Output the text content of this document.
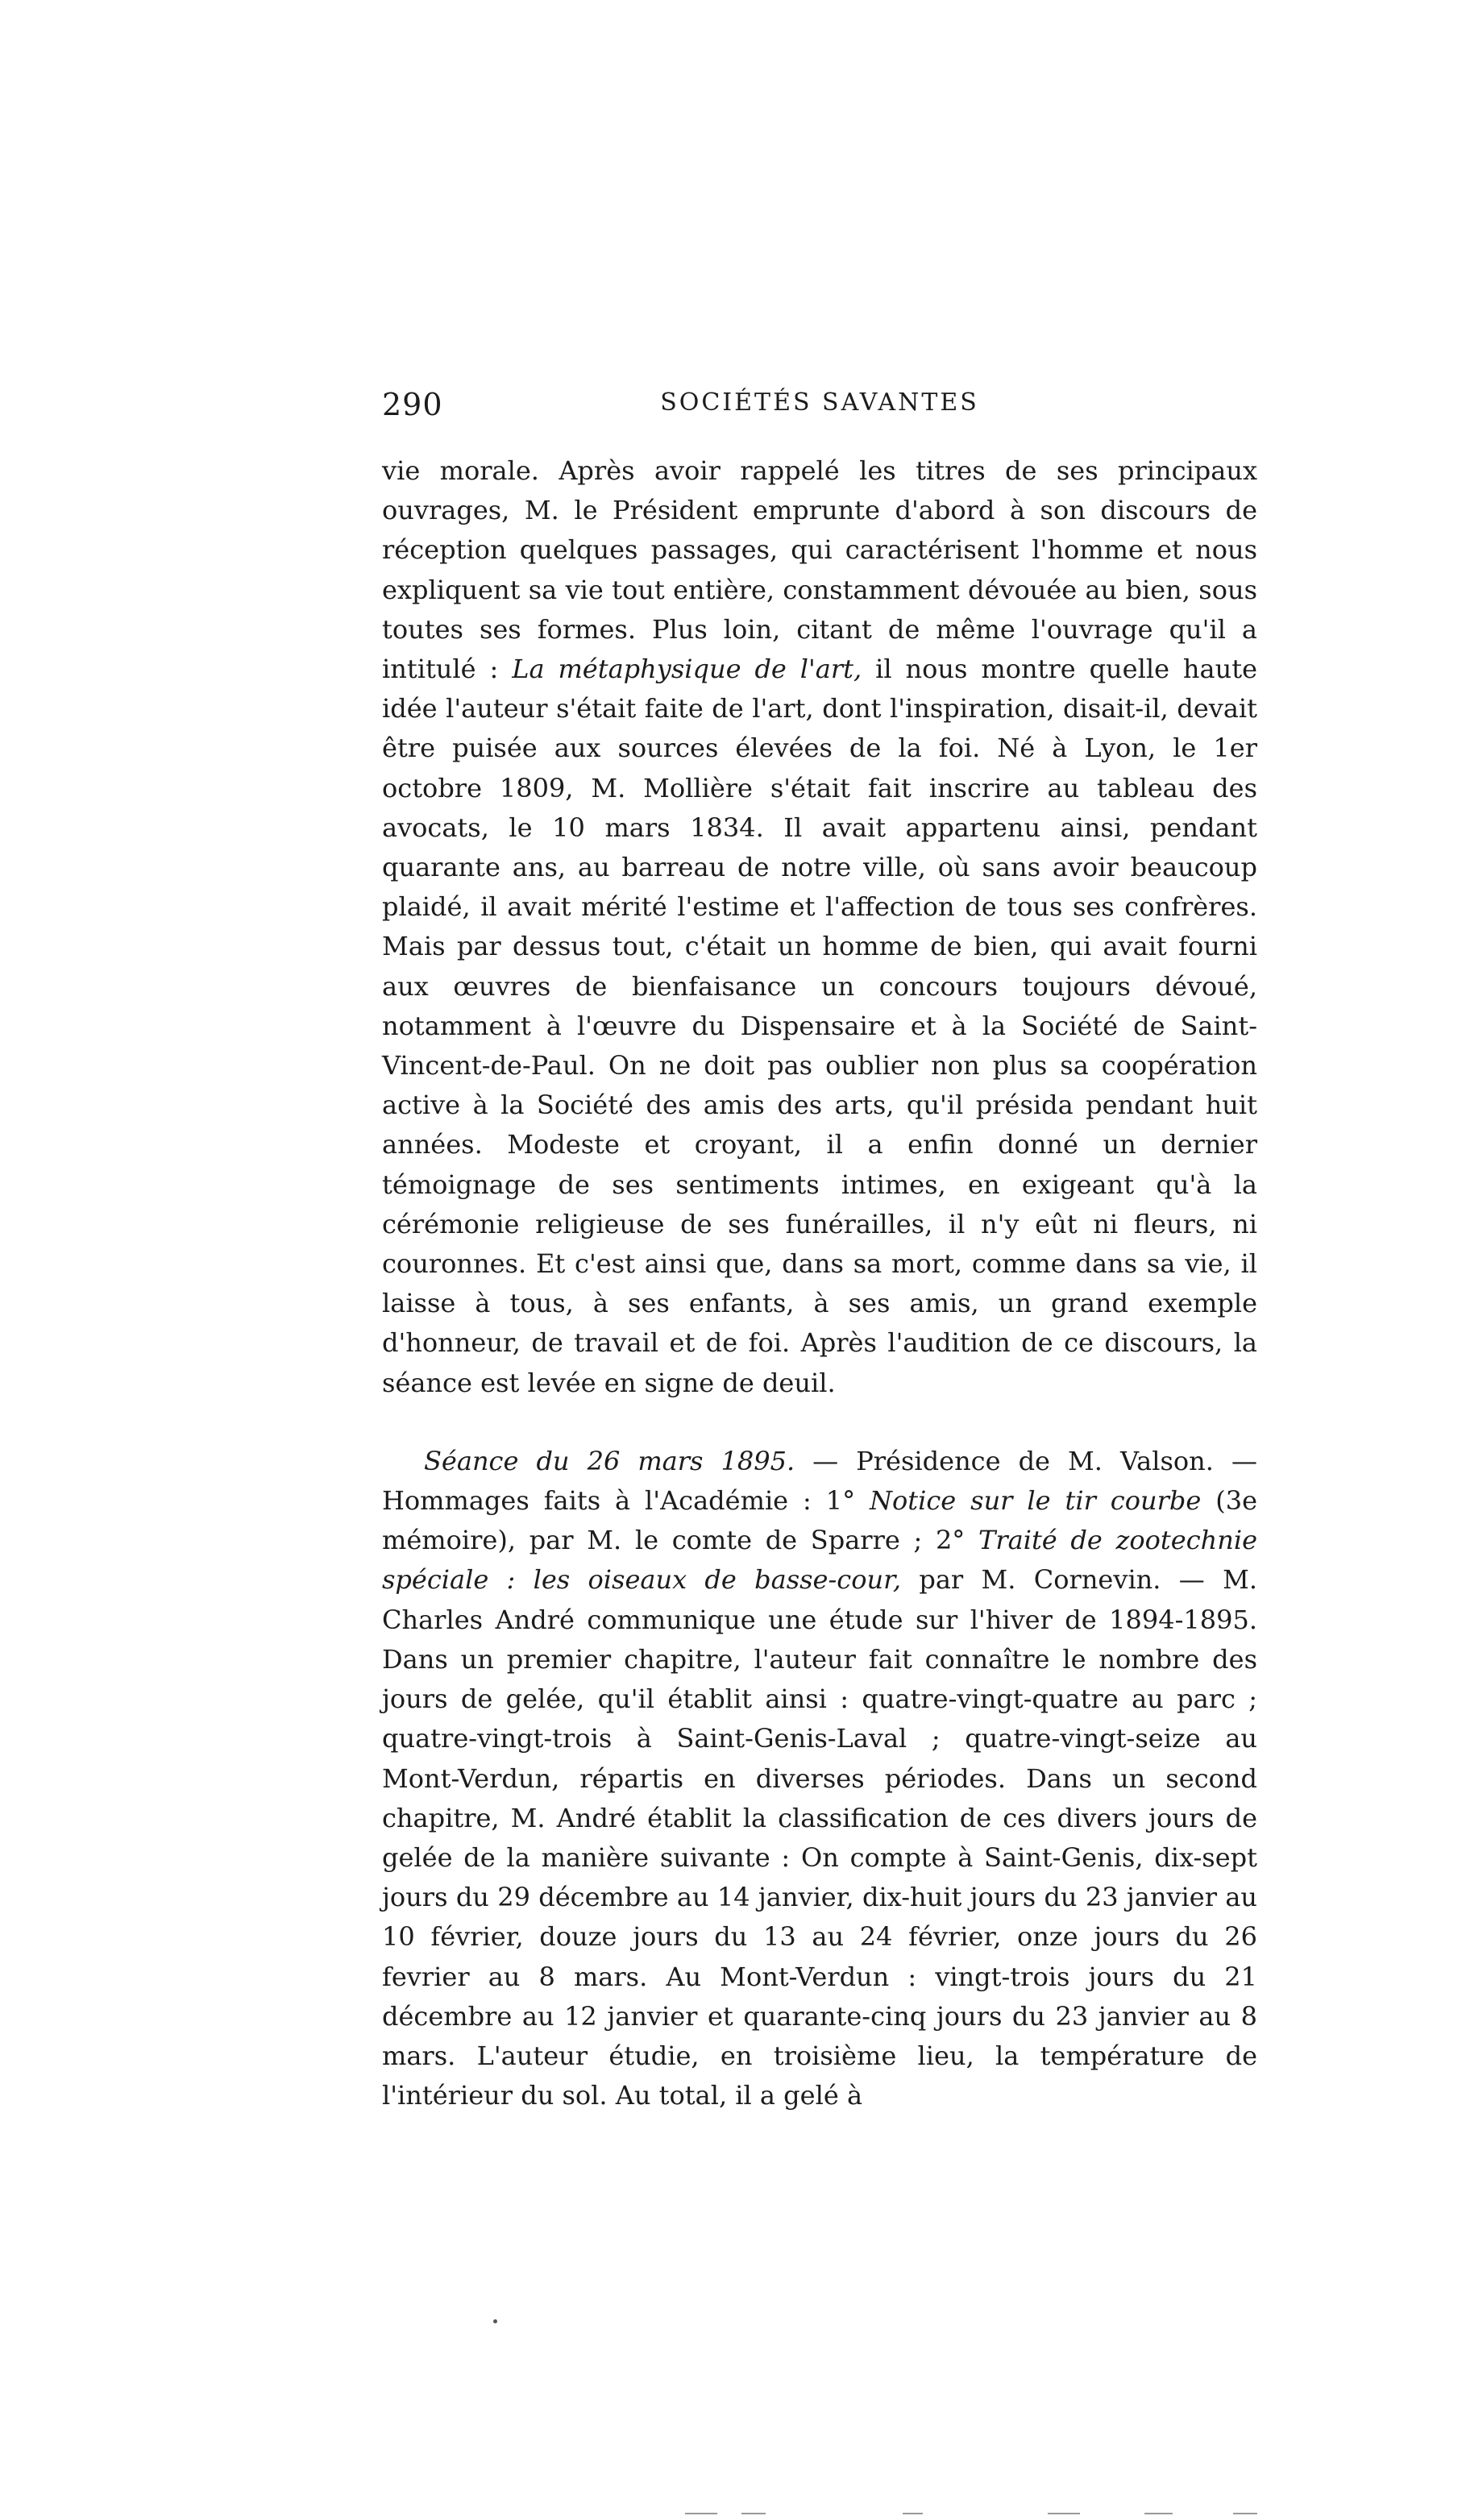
290	SOCIÉTÉS SAVANTES

vie morale. Après avoir rappelé les titres de ses principaux ouvrages, M. le Président emprunte d'abord à son discours de réception quelques passages, qui caractérisent l'homme et nous expliquent sa vie tout entière, constamment dévouée au bien, sous toutes ses formes. Plus loin, citant de même l'ouvrage qu'il a intitulé : La métaphysique de l'art, il nous montre quelle haute idée l'auteur s'était faite de l'art, dont l'inspiration, disait-il, devait être puisée aux sources élevées de la foi. Né à Lyon, le 1er octobre 1809, M. Mollière s'était fait inscrire au tableau des avocats, le 10 mars 1834. Il avait appartenu ainsi, pendant quarante ans, au barreau de notre ville, où sans avoir beaucoup plaidé, il avait mérité l'estime et l'affection de tous ses confrères. Mais par dessus tout, c'était un homme de bien, qui avait fourni aux œuvres de bienfaisance un concours toujours dévoué, notamment à l'œuvre du Dispensaire et à la Société de Saint-Vincent-de-Paul. On ne doit pas oublier non plus sa coopération active à la Société des amis des arts, qu'il présida pendant huit années. Modeste et croyant, il a enfin donné un dernier témoignage de ses sentiments intimes, en exigeant qu'à la cérémonie religieuse de ses funérailles, il n'y eût ni fleurs, ni couronnes. Et c'est ainsi que, dans sa mort, comme dans sa vie, il laisse à tous, à ses enfants, à ses amis, un grand exemple d'honneur, de travail et de foi. Après l'audition de ce discours, la séance est levée en signe de deuil.

Séance du 26 mars 1895. — Présidence de M. Valson. — Hommages faits à l'Académie : 1° Notice sur le tir courbe (3e mémoire), par M. le comte de Sparre ; 2° Traité de zootechnie spéciale : les oiseaux de basse-cour, par M. Cornevin. — M. Charles André communique une étude sur l'hiver de 1894-1895. Dans un premier chapitre, l'auteur fait connaître le nombre des jours de gelée, qu'il établit ainsi : quatre-vingt-quatre au parc ; quatre-vingt-trois à Saint-Genis-Laval ; quatre-vingt-seize au Mont-Verdun, répartis en diverses périodes. Dans un second chapitre, M. André établit la classification de ces divers jours de gelée de la manière suivante : On compte à Saint-Genis, dix-sept jours du 29 décembre au 14 janvier, dix-huit jours du 23 janvier au 10 février, douze jours du 13 au 24 février, onze jours du 26 fevrier au 8 mars. Au Mont-Verdun : vingt-trois jours du 21 décembre au 12 janvier et quarante-cinq jours du 23 janvier au 8 mars. L'auteur étudie, en troisième lieu, la température de l'intérieur du sol. Au total, il a gelé à
